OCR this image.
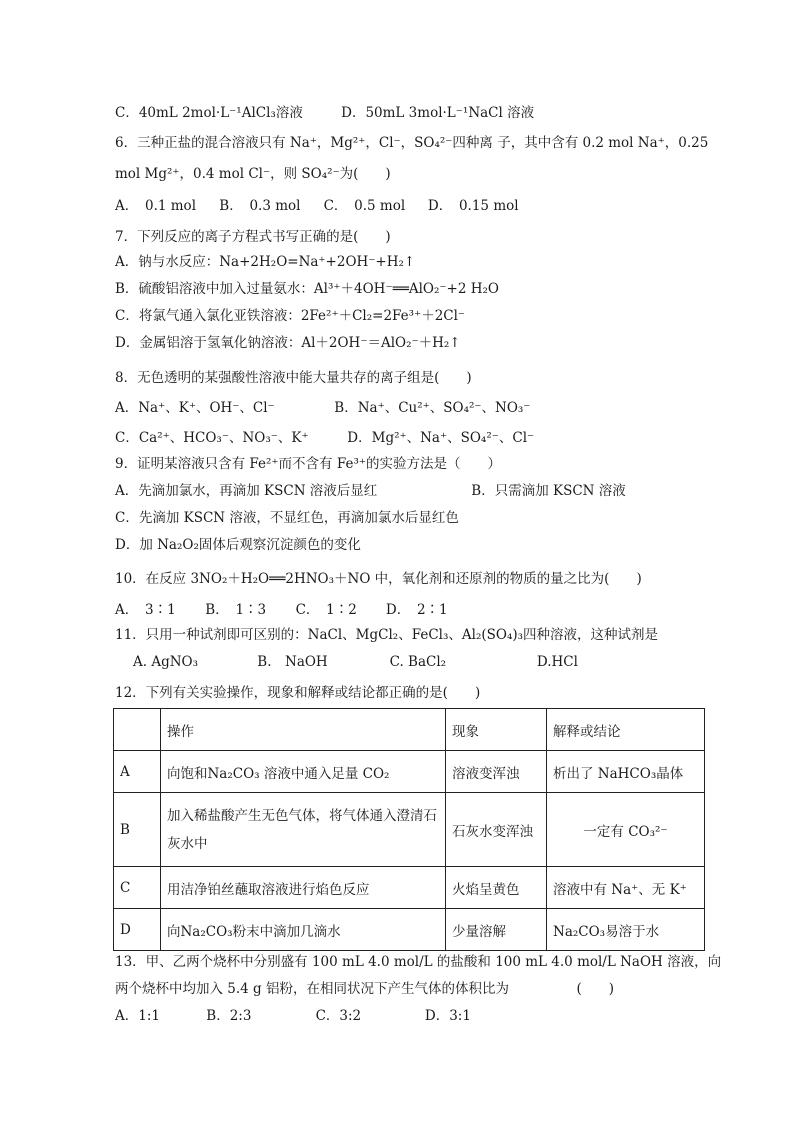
C．40mL 2mol·L⁻¹AlCl₃溶液	D．50mL 3mol·L⁻¹NaCl 溶液
6．三种正盐的混合溶液只有 Na⁺，Mg²⁺，Cl⁻，SO₄²⁻四种离 子，其中含有 0.2 mol Na⁺，0.25
mol Mg²⁺，0.4 mol Cl⁻，则 SO₄²⁻为(　　)
A．　0.1 mol B．　0.3 mol C．　0.5 mol D．　0.15 mol
7．下列反应的离子方程式书写正确的是(　　)
A．钠与水反应：Na+2H₂O=Na⁺+2OH⁻+H₂↑
B．硫酸铝溶液中加入过量氨水：Al³⁺＋4OH⁻══AlO₂⁻+2 H₂O
C．将氯气通入氯化亚铁溶液：2Fe²⁺＋Cl₂=2Fe³⁺＋2Cl⁻
D．金属铝溶于氢氧化钠溶液：Al＋2OH⁻＝AlO₂⁻＋H₂↑
8．无色透明的某强酸性溶液中能大量共存的离子组是(　　)
A．Na⁺、K⁺、OH⁻、Cl⁻	B．Na⁺、Cu²⁺、SO₄²⁻、NO₃⁻
C．Ca²⁺、HCO₃⁻、NO₃⁻、K⁺	D．Mg²⁺、Na⁺、SO₄²⁻、Cl⁻
9．证明某溶液只含有 Fe²⁺而不含有 Fe³⁺的实验方法是（　　）
A．先滴加氯水，再滴加 KSCN 溶液后显红	B．只需滴加 KSCN 溶液
C．先滴加 KSCN 溶液，不显红色，再滴加氯水后显红色
D．加 Na₂O₂固体后观察沉淀颜色的变化
10．在反应 3NO₂＋H₂O══2HNO₃＋NO 中，氧化剂和还原剂的物质的量之比为(　　)
A．　3∶1 B．　1∶3 C．　1∶2 D．　2∶1
11．只用一种试剂即可区别的：NaCl、MgCl₂、FeCl₃、Al₂(SO₄)₃四种溶液，这种试剂是
A. AgNO₃	B.　NaOH	C. BaCl₂	D.HCl
12．下列有关实验操作，现象和解释或结论都正确的是(　　)
	操作	现象	解释或结论
A	向饱和Na₂CO₃ 溶液中通入足量 CO₂	溶液变浑浊	析出了 NaHCO₃晶体
B	加入稀盐酸产生无色气体，将气体通入澄清石灰水中	石灰水变浑浊	一定有 CO₃²⁻
C	用洁净铂丝蘸取溶液进行焰色反应	火焰呈黄色	溶液中有 Na⁺、无 K⁺
D	向Na₂CO₃粉末中滴加几滴水	少量溶解	Na₂CO₃易溶于水
13．甲、乙两个烧杯中分别盛有 100 mL 4.0 mol/L 的盐酸和 100 mL 4.0 mol/L NaOH 溶液，向
两个烧杯中均加入 5.4 g 铝粉，在相同状况下产生气体的体积比为　　　　　(　　)
A．1:1	B．2:3	C．3:2	D．3:1
